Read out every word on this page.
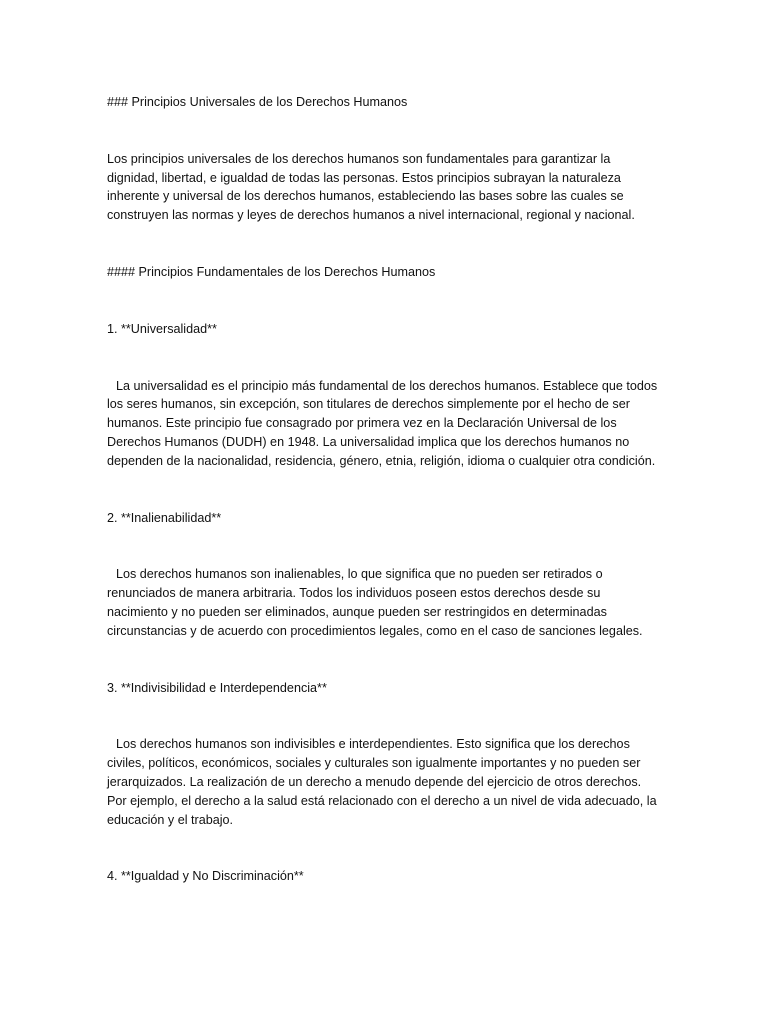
### Principios Universales de los Derechos Humanos

Los principios universales de los derechos humanos son fundamentales para garantizar la dignidad, libertad, e igualdad de todas las personas. Estos principios subrayan la naturaleza inherente y universal de los derechos humanos, estableciendo las bases sobre las cuales se construyen las normas y leyes de derechos humanos a nivel internacional, regional y nacional.

#### Principios Fundamentales de los Derechos Humanos

1. **Universalidad**

La universalidad es el principio más fundamental de los derechos humanos. Establece que todos los seres humanos, sin excepción, son titulares de derechos simplemente por el hecho de ser humanos. Este principio fue consagrado por primera vez en la Declaración Universal de los Derechos Humanos (DUDH) en 1948. La universalidad implica que los derechos humanos no dependen de la nacionalidad, residencia, género, etnia, religión, idioma o cualquier otra condición.

2. **Inalienabilidad**

Los derechos humanos son inalienables, lo que significa que no pueden ser retirados o renunciados de manera arbitraria. Todos los individuos poseen estos derechos desde su nacimiento y no pueden ser eliminados, aunque pueden ser restringidos en determinadas circunstancias y de acuerdo con procedimientos legales, como en el caso de sanciones legales.

3. **Indivisibilidad e Interdependencia**

Los derechos humanos son indivisibles e interdependientes. Esto significa que los derechos civiles, políticos, económicos, sociales y culturales son igualmente importantes y no pueden ser jerarquizados. La realización de un derecho a menudo depende del ejercicio de otros derechos. Por ejemplo, el derecho a la salud está relacionado con el derecho a un nivel de vida adecuado, la educación y el trabajo.

4. **Igualdad y No Discriminación**
